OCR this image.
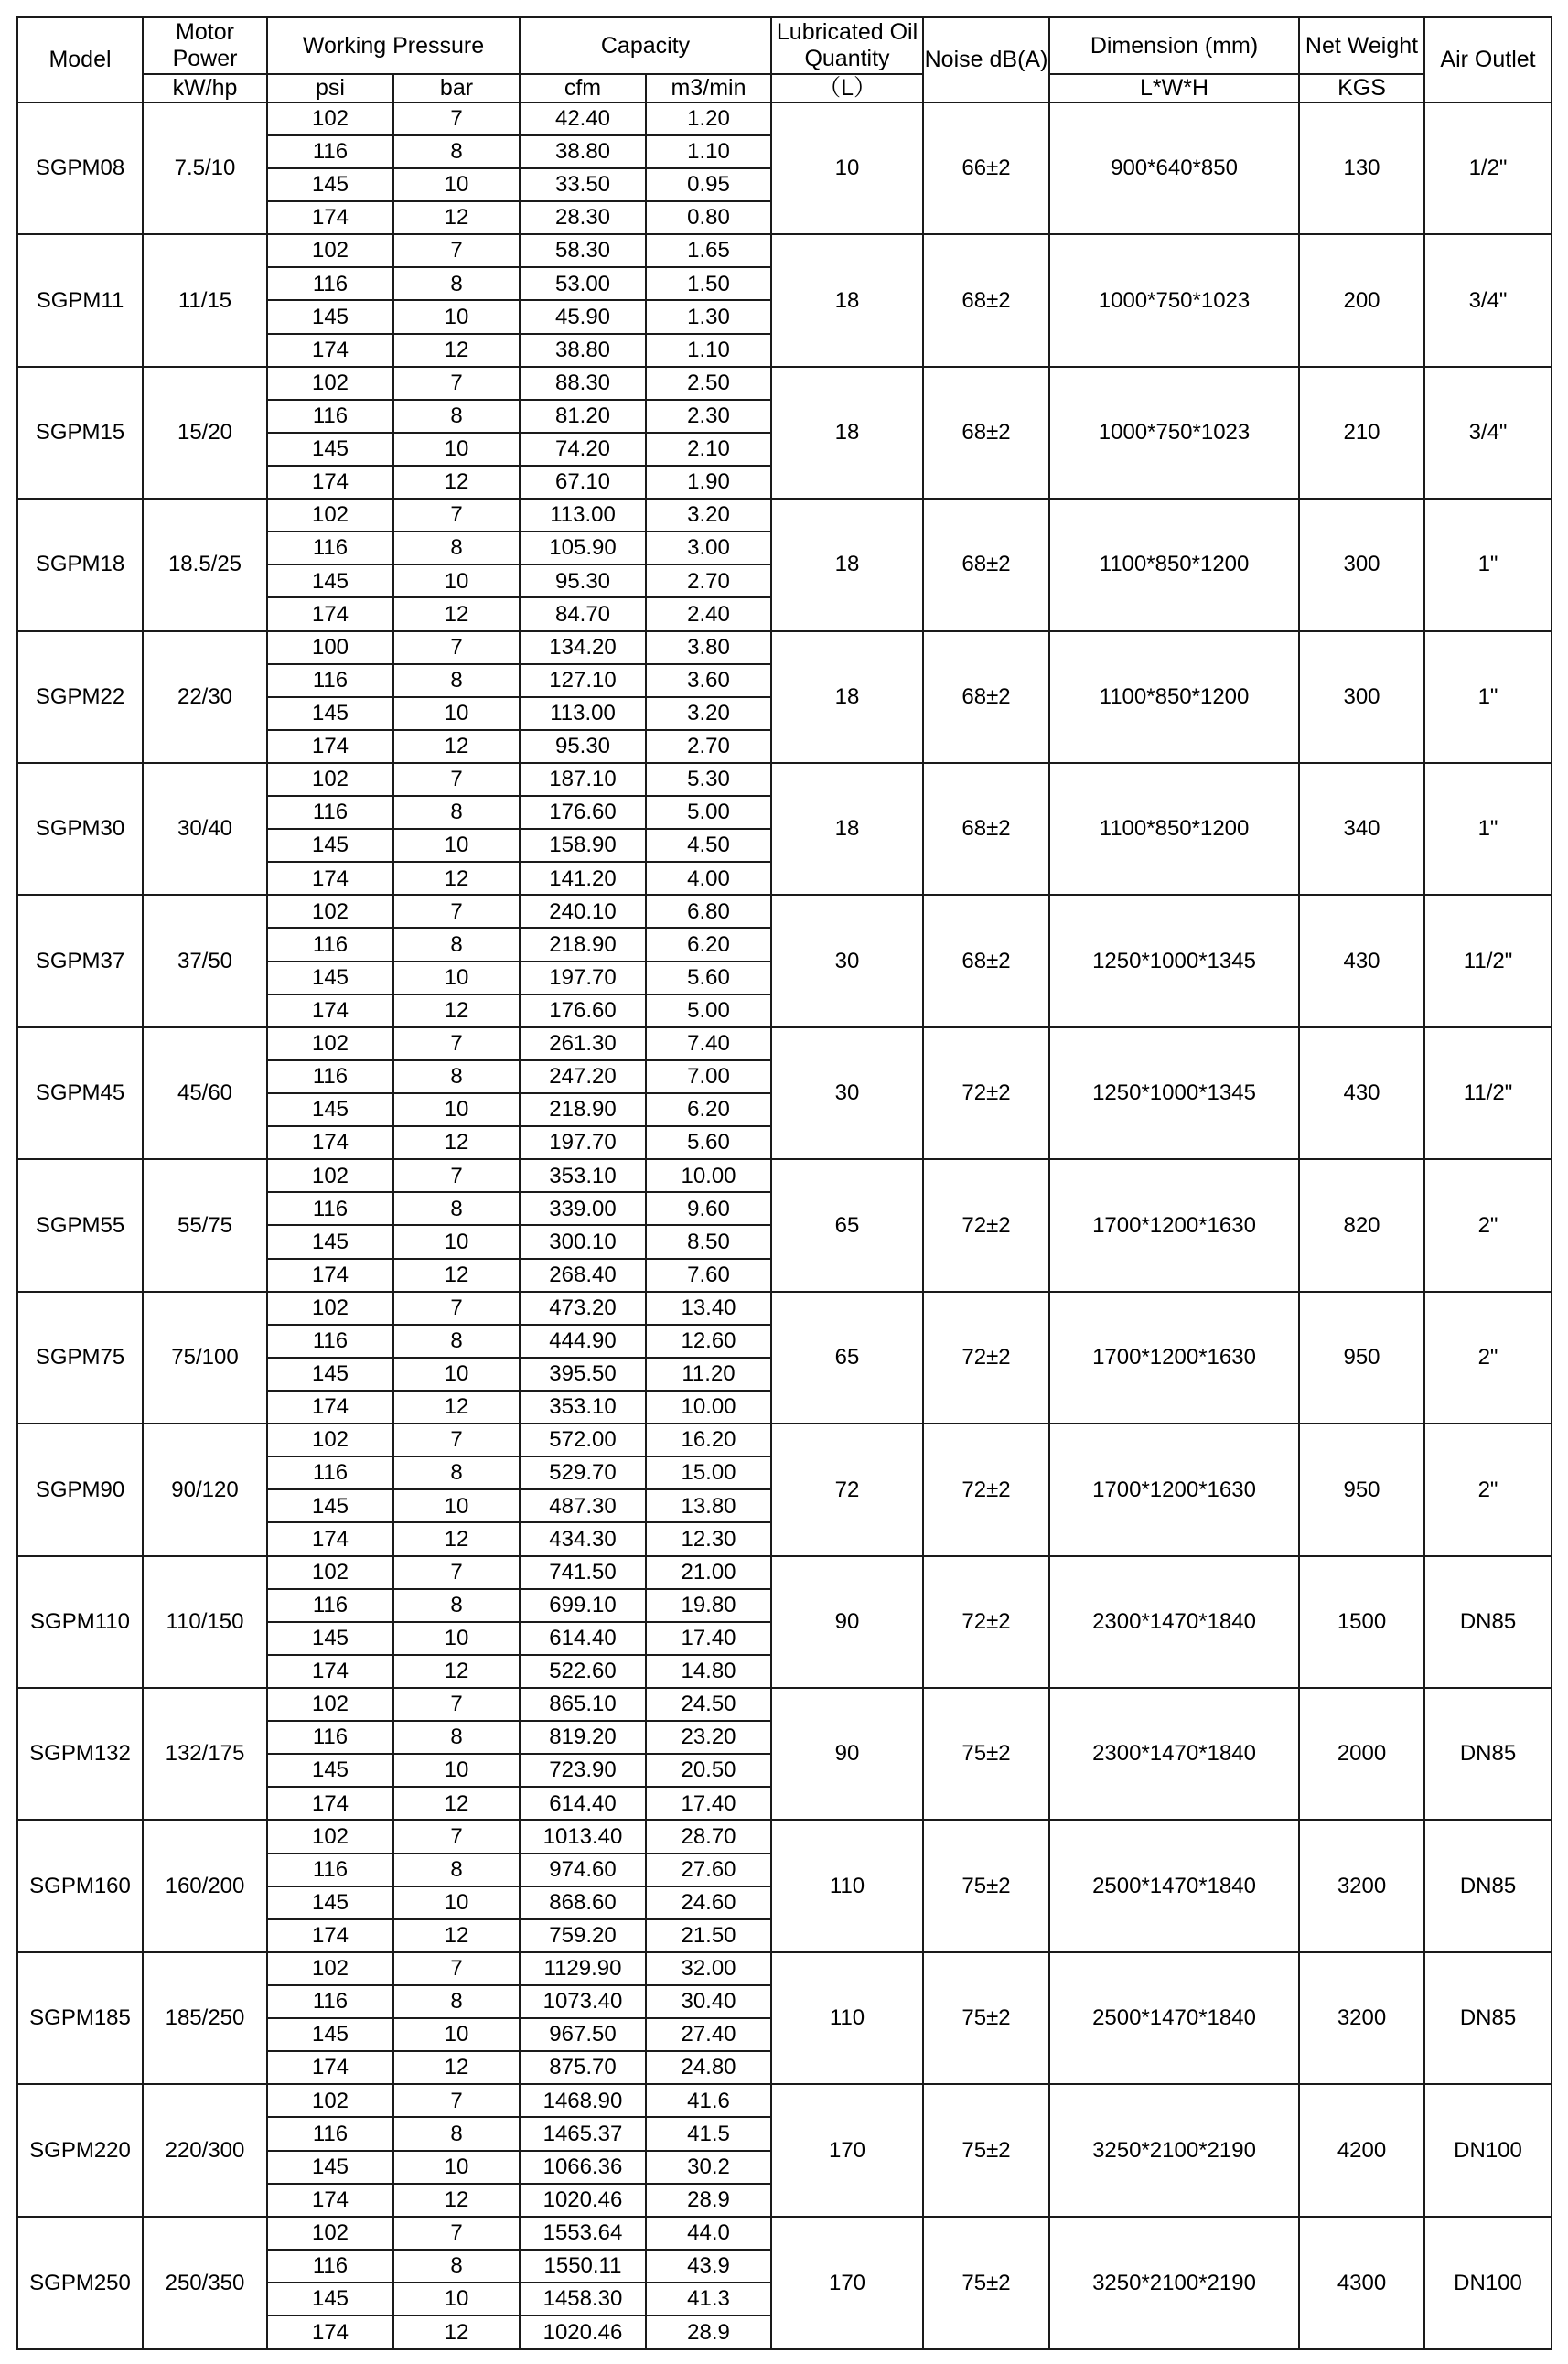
Model	Motor Power	Working Pressure		Capacity		Lubricated Oil Quantity	Noise dB(A)	Dimension (mm)	Net Weight	Air Outlet
	kW/hp	psi	bar	cfm	m3/min	（L）		L*W*H	KGS	
SGPM08	7.5/10	102	7	42.40	1.20	10	66±2	900*640*850	130	1/2"
		116	8	38.80	1.10					
		145	10	33.50	0.95					
		174	12	28.30	0.80					
SGPM11	11/15	102	7	58.30	1.65	18	68±2	1000*750*1023	200	3/4"
		116	8	53.00	1.50					
		145	10	45.90	1.30					
		174	12	38.80	1.10					
SGPM15	15/20	102	7	88.30	2.50	18	68±2	1000*750*1023	210	3/4"
		116	8	81.20	2.30					
		145	10	74.20	2.10					
		174	12	67.10	1.90					
SGPM18	18.5/25	102	7	113.00	3.20	18	68±2	1100*850*1200	300	1"
		116	8	105.90	3.00					
		145	10	95.30	2.70					
		174	12	84.70	2.40					
SGPM22	22/30	100	7	134.20	3.80	18	68±2	1100*850*1200	300	1"
		116	8	127.10	3.60					
		145	10	113.00	3.20					
		174	12	95.30	2.70					
SGPM30	30/40	102	7	187.10	5.30	18	68±2	1100*850*1200	340	1"
		116	8	176.60	5.00					
		145	10	158.90	4.50					
		174	12	141.20	4.00					
SGPM37	37/50	102	7	240.10	6.80	30	68±2	1250*1000*1345	430	11/2"
		116	8	218.90	6.20					
		145	10	197.70	5.60					
		174	12	176.60	5.00					
SGPM45	45/60	102	7	261.30	7.40	30	72±2	1250*1000*1345	430	11/2"
		116	8	247.20	7.00					
		145	10	218.90	6.20					
		174	12	197.70	5.60					
SGPM55	55/75	102	7	353.10	10.00	65	72±2	1700*1200*1630	820	2"
		116	8	339.00	9.60					
		145	10	300.10	8.50					
		174	12	268.40	7.60					
SGPM75	75/100	102	7	473.20	13.40	65	72±2	1700*1200*1630	950	2"
		116	8	444.90	12.60					
		145	10	395.50	11.20					
		174	12	353.10	10.00					
SGPM90	90/120	102	7	572.00	16.20	72	72±2	1700*1200*1630	950	2"
		116	8	529.70	15.00					
		145	10	487.30	13.80					
		174	12	434.30	12.30					
SGPM110	110/150	102	7	741.50	21.00	90	72±2	2300*1470*1840	1500	DN85
		116	8	699.10	19.80					
		145	10	614.40	17.40					
		174	12	522.60	14.80					
SGPM132	132/175	102	7	865.10	24.50	90	75±2	2300*1470*1840	2000	DN85
		116	8	819.20	23.20					
		145	10	723.90	20.50					
		174	12	614.40	17.40					
SGPM160	160/200	102	7	1013.40	28.70	110	75±2	2500*1470*1840	3200	DN85
		116	8	974.60	27.60					
		145	10	868.60	24.60					
		174	12	759.20	21.50					
SGPM185	185/250	102	7	1129.90	32.00	110	75±2	2500*1470*1840	3200	DN85
		116	8	1073.40	30.40					
		145	10	967.50	27.40					
		174	12	875.70	24.80					
SGPM220	220/300	102	7	1468.90	41.6	170	75±2	3250*2100*2190	4200	DN100
		116	8	1465.37	41.5					
		145	10	1066.36	30.2					
		174	12	1020.46	28.9					
SGPM250	250/350	102	7	1553.64	44.0	170	75±2	3250*2100*2190	4300	DN100
		116	8	1550.11	43.9					
		145	10	1458.30	41.3					
		174	12	1020.46	28.9					
